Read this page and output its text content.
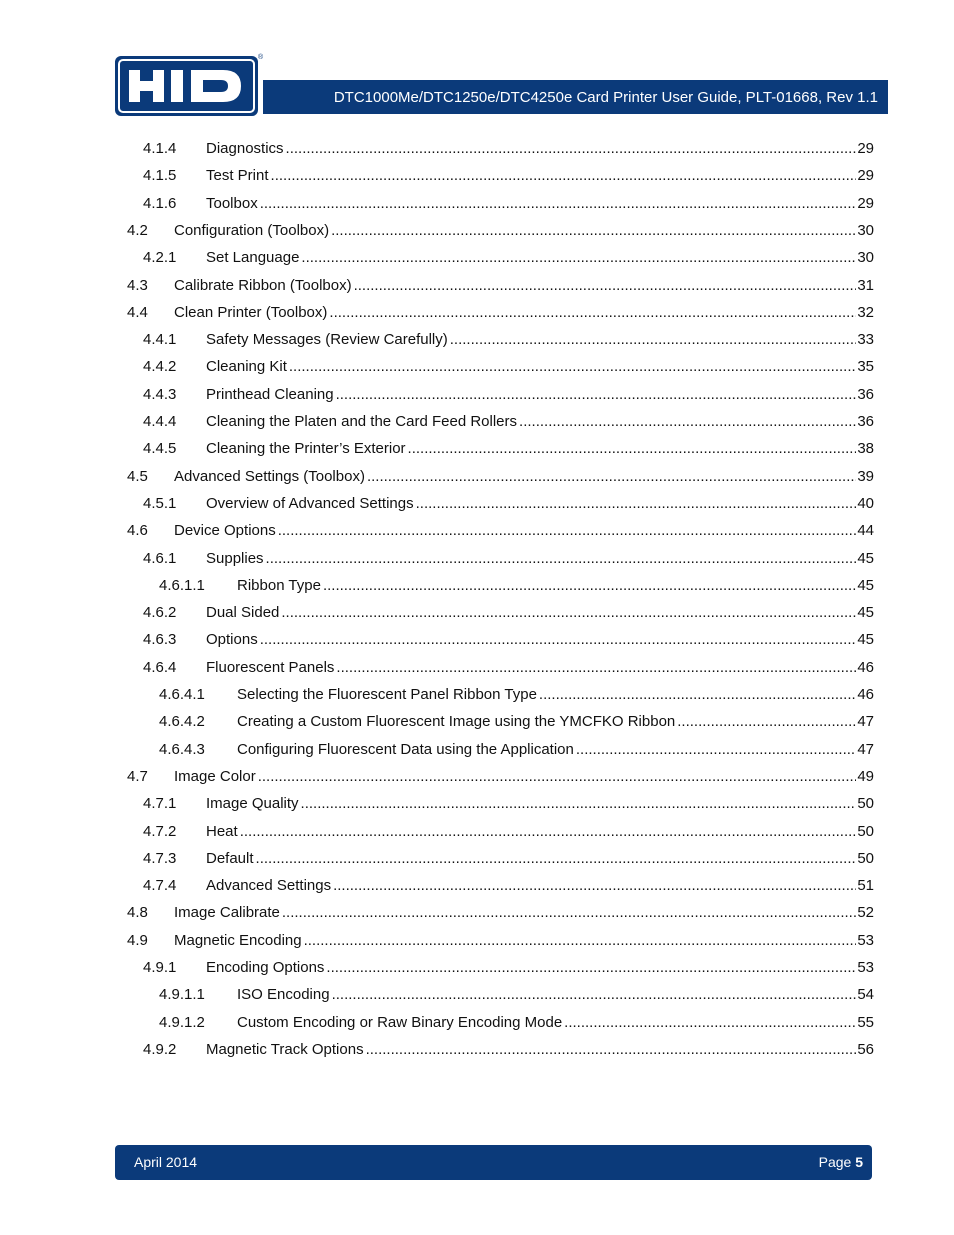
®
DTC1000Me/DTC1250e/DTC4250e Card Printer User Guide, PLT-01668, Rev 1.1
4.1.4 Diagnostics .....	29
4.1.5 Test Print .....	29
4.1.6 Toolbox .....	29
4.2 Configuration (Toolbox) .....	30
4.2.1 Set Language .....	30
4.3 Calibrate Ribbon (Toolbox) .....	31
4.4 Clean Printer (Toolbox) .....	32
4.4.1 Safety Messages (Review Carefully) .....	33
4.4.2 Cleaning Kit .....	35
4.4.3 Printhead Cleaning .....	36
4.4.4 Cleaning the Platen and the Card Feed Rollers .....	36
4.4.5 Cleaning the Printer’s Exterior .....	38
4.5 Advanced Settings (Toolbox) .....	39
4.5.1 Overview of Advanced Settings .....	40
4.6 Device Options .....	44
4.6.1 Supplies .....	45
4.6.1.1 Ribbon Type .....	45
4.6.2 Dual Sided .....	45
4.6.3 Options .....	45
4.6.4 Fluorescent Panels .....	46
4.6.4.1 Selecting the Fluorescent Panel Ribbon Type .....	46
4.6.4.2 Creating a Custom Fluorescent Image using the YMCFKO Ribbon .....	47
4.6.4.3 Configuring Fluorescent Data using the Application .....	47
4.7 Image Color .....	49
4.7.1 Image Quality .....	50
4.7.2 Heat .....	50
4.7.3 Default .....	50
4.7.4 Advanced Settings .....	51
4.8 Image Calibrate .....	52
4.9 Magnetic Encoding .....	53
4.9.1 Encoding Options .....	53
4.9.1.1 ISO Encoding .....	54
4.9.1.2 Custom Encoding or Raw Binary Encoding Mode .....	55
4.9.2 Magnetic Track Options .....	56
April 2014	Page 5
